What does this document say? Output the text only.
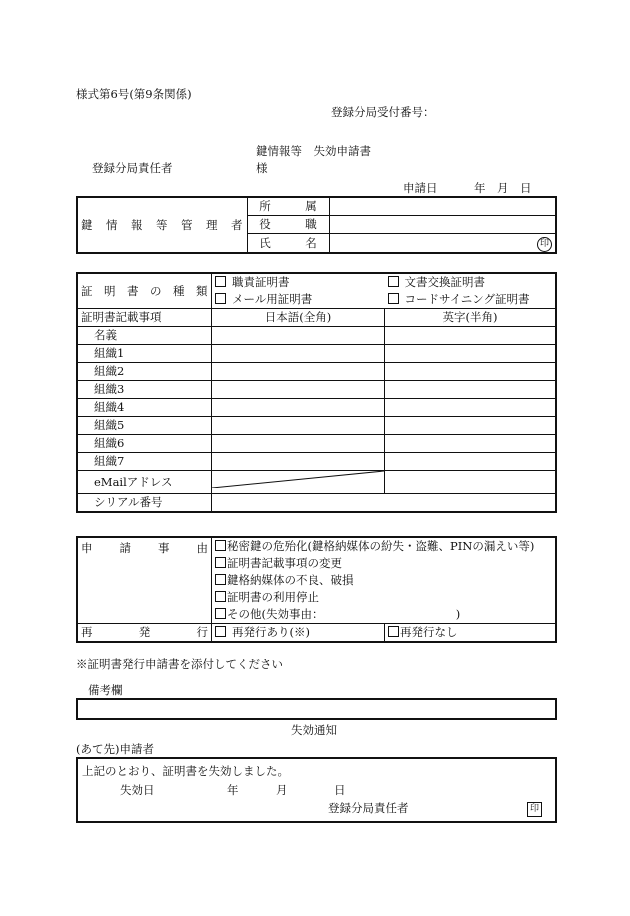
様式第6号(第9条関係)
登録分局受付番号：
鍵情報等　失効申請書
登録分局責任者	様
申請日	年　月　日
鍵　情　報　等　管　理　者	所　　　属	
	役　　　職	
	氏　　　名	印
証　明　書　の　種　類	職責証明書	文書交換証明書
	メール用証明書	コードサイニング証明書
証明書記載事項	日本語(全角)	英字(半角)
名義		
組織1		
組織2		
組織3		
組織4		
組織5		
組織6		
組織7		
eMailアドレス		
シリアル番号		
申 請 事 由	秘密鍵の危殆化(鍵格納媒体の紛失・盗難、PINの漏えい等)	
	証明書記載事項の変更	
	鍵格納媒体の不良、破損	
	証明書の利用停止	
	その他(失効事由：　　　　　　　　　　　　)	

再 発 行	再発行あり(※)	再発行なし
※証明書発行申請書を添付してください
備考欄
失効通知
(あて先)申請者
上記のとおり、証明書を失効しました。
失効日	年	月	日
登録分局責任者	印
